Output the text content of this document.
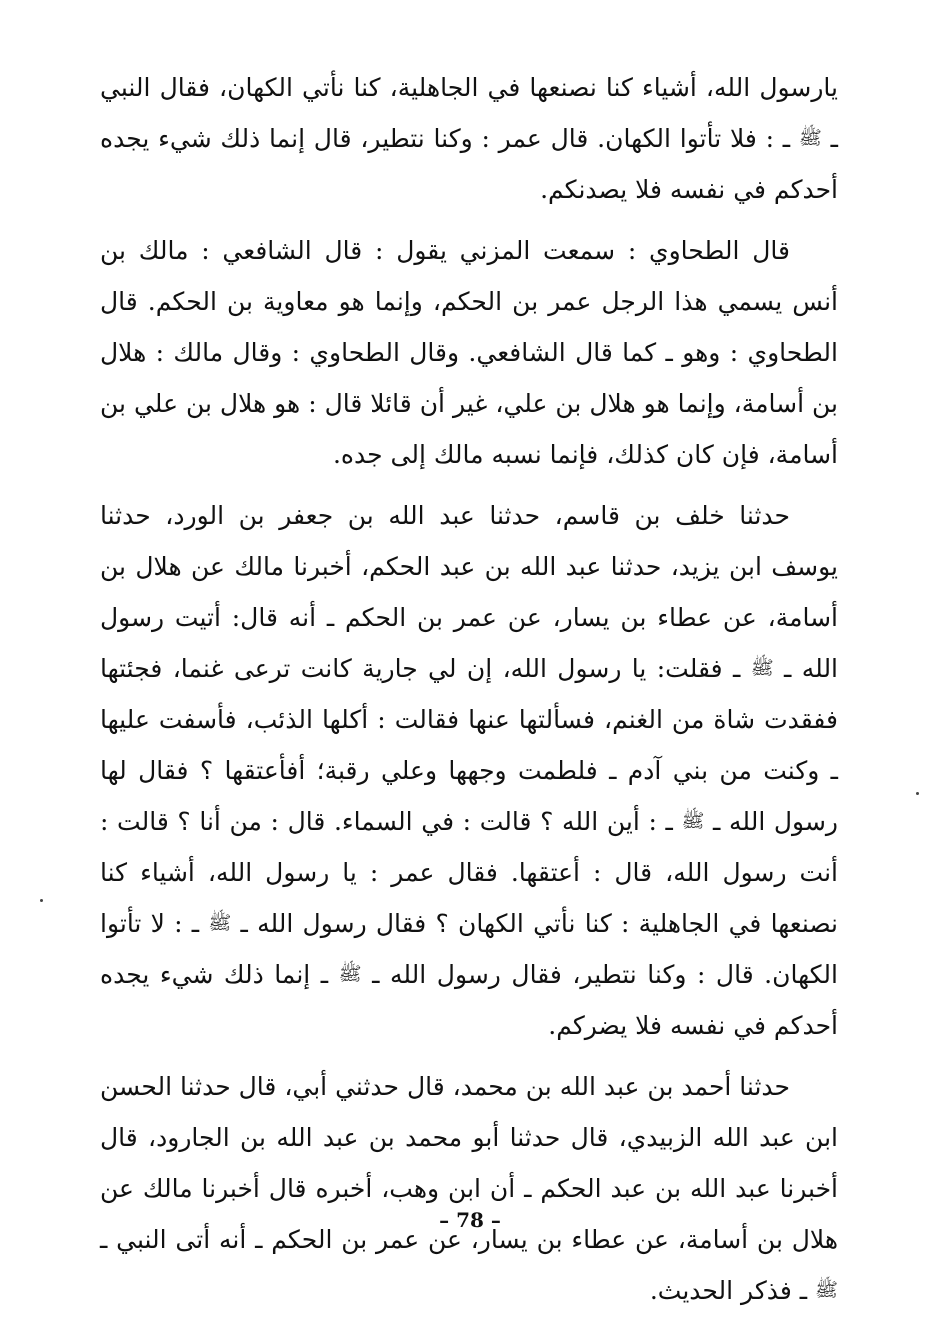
يارسول الله، أشياء كنا نصنعها في الجاهلية، كنا نأتي الكهان، فقال النبي ـ ﷺ ـ : فلا تأتوا الكهان. قال عمر : وكنا نتطير، قال إنما ذلك شيء يجده أحدكم في نفسه فلا يصدنكم.

قال الطحاوي : سمعت المزني يقول : قال الشافعي : مالك بن أنس يسمي هذا الرجل عمر بن الحكم، وإنما هو معاوية بن الحكم. قال الطحاوي : وهو ـ كما قال الشافعي. وقال الطحاوي : وقال مالك : هلال بن أسامة، وإنما هو هلال بن علي، غير أن قائلا قال : هو هلال بن علي بن أسامة، فإن كان كذلك، فإنما نسبه مالك إلى جده.

حدثنا خلف بن قاسم، حدثنا عبد الله بن جعفر بن الورد، حدثنا يوسف ابن يزيد، حدثنا عبد الله بن عبد الحكم، أخبرنا مالك عن هلال بن أسامة، عن عطاء بن يسار، عن عمر بن الحكم ـ أنه قال: أتيت رسول الله ـ ﷺ ـ فقلت: يا رسول الله، إن لي جارية كانت ترعى غنما، فجئتها ففقدت شاة من الغنم، فسألتها عنها فقالت : أكلها الذئب، فأسفت عليها ـ وكنت من بني آدم ـ فلطمت وجهها وعلي رقبة؛ أفأعتقها ؟ فقال لها رسول الله ـ ﷺ ـ : أين الله ؟ قالت : في السماء. قال : من أنا ؟ قالت : أنت رسول الله، قال : أعتقها. فقال عمر : يا رسول الله، أشياء كنا نصنعها في الجاهلية : كنا نأتي الكهان ؟ فقال رسول الله ـ ﷺ ـ : لا تأتوا الكهان. قال : وكنا نتطير، فقال رسول الله ـ ﷺ ـ إنما ذلك شيء يجده أحدكم في نفسه فلا يضركم.

حدثنا أحمد بن عبد الله بن محمد، قال حدثني أبي، قال حدثنا الحسن ابن عبد الله الزبيدي، قال حدثنا أبو محمد بن عبد الله بن الجارود، قال أخبرنا عبد الله بن عبد الحكم ـ أن ابن وهب، أخبره قال أخبرنا مالك عن هلال بن أسامة، عن عطاء بن يسار، عن عمر بن الحكم ـ أنه أتى النبي ـ ﷺ ـ فذكر الحديث.

– 78 –
